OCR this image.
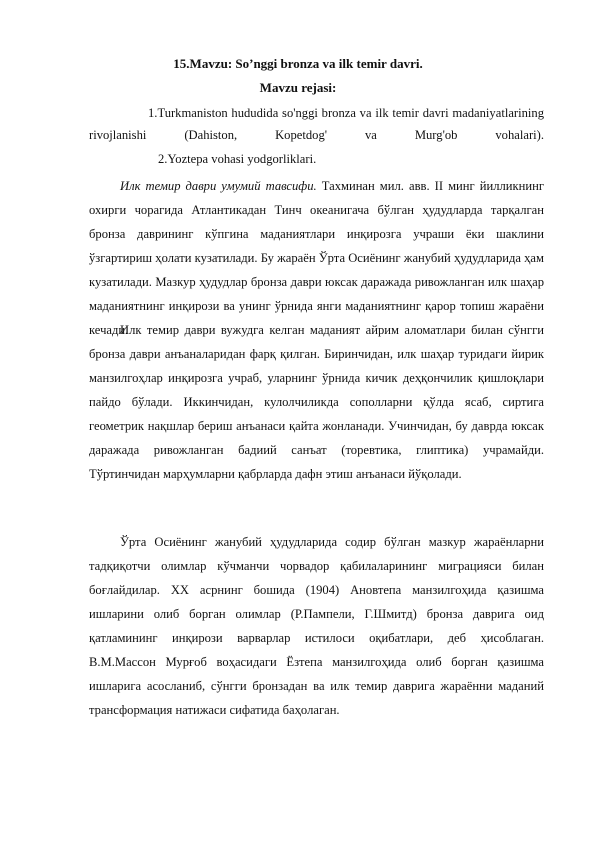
15.Mavzu: So’nggi bronza va ilk temir davri.

Mavzu rejasi:

1.Turkmaniston hududida so'nggi bronza va ilk temir davri madaniyatlarining rivojlanishi (Dahiston, Kopetdog' va Murg'ob vohalari).

2.Yoztepa vohasi yodgorliklari.

Илк темир даври умумий тавсифи. Тахминан мил. авв. II минг йилликнинг охирги чорагида Атлантикадан Тинч океанигача бўлган ҳудудларда тарқалган бронза даврининг кўпгина маданиятлари инқирозга учраши ёки шаклини ўзгартириш ҳолати кузатилади. Бу жараён Ўрта Осиёнинг жанубий ҳудудларида ҳам кузатилади. Мазкур ҳудудлар бронза даври юксак даражада ривожланган илк шаҳар маданиятнинг инқирози ва унинг ўрнида янги маданиятнинг қарор топиш жараёни кечади.

Илк темир даври вужудга келган маданият айрим аломатлари билан сўнгги бронза даври анъаналаридан фарқ қилган. Биринчидан, илк шаҳар туридаги йирик манзилгоҳлар инқирозга учраб, уларнинг ўрнида кичик деҳқончилик қишлоқлари пайдо бўлади. Иккинчидан, кулолчиликда сополларни қўлда ясаб, сиртига геометрик нақшлар бериш анъанаси қайта жонланади. Учинчидан, бу даврда юксак даражада ривожланган бадиий санъат (торевтика, глиптика) учрамайди. Тўртинчидан марҳумларни қабрларда дафн этиш анъанаси йўқолади.

Ўрта Осиёнинг жанубий ҳудудларида содир бўлган мазкур жараёнларни тадқиқотчи олимлар кўчманчи чорвадор қабилаларининг миграцияси билан боғлайдилар. XX асрнинг бошида (1904) Ановтепа манзилгоҳида қазишма ишларини олиб борган олимлар (Р.Пампели, Г.Шмитд) бронза даврига оид қатламининг инқирози варварлар истилоси оқибатлари, деб ҳисоблаган. В.М.Массон Мурғоб воҳасидаги Ёзтепа манзилгоҳида олиб борган қазишма ишларига асосланиб, сўнгги бронзадан ва илк темир даврига жараённи маданий трансформация натижаси сифатида баҳолаган.
